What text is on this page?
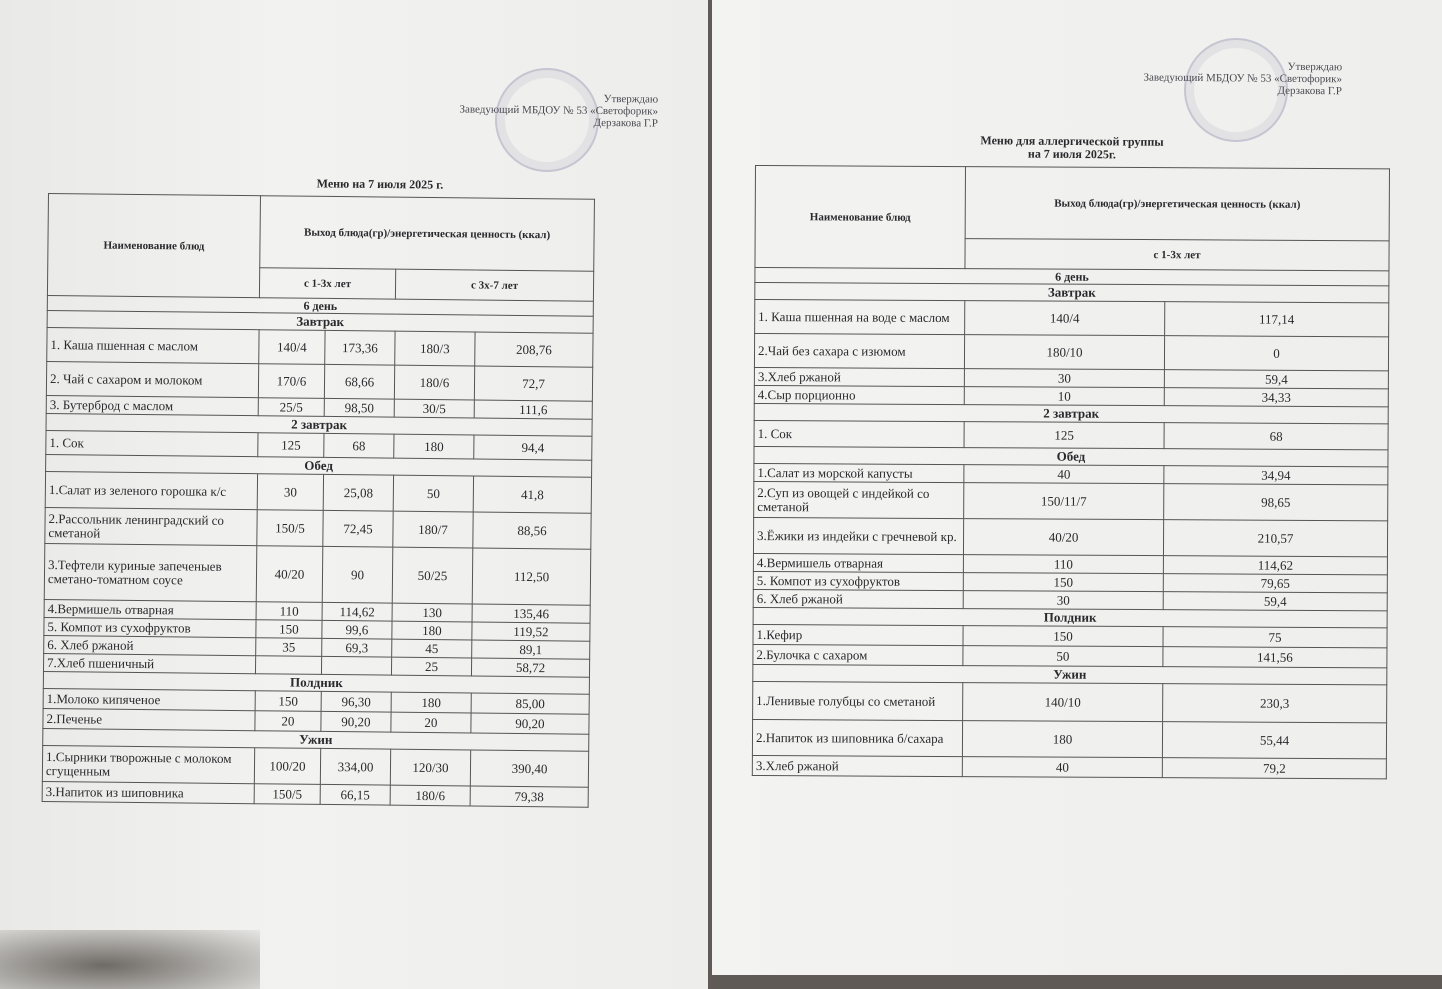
Утверждаю
Заведующий МБДОУ № 53 «Светофорик»
Дерзакова Г.Р
Меню на 7 июля 2025 г.
Наименование блюд	Выход блюда(гр)/энергетическая ценность (ккал)			
	с 1-3х лет		с 3х-7 лет	
6 день				
Завтрак				
1. Каша пшенная с маслом	140/4	173,36	180/3	208,76
2. Чай с сахаром и молоком	170/6	68,66	180/6	72,7
3. Бутерброд с маслом	25/5	98,50	30/5	111,6
2 завтрак				
1. Сок	125	68	180	94,4
Обед				
1.Салат из зеленого горошка к/с	30	25,08	50	41,8
2.Рассольник ленинградский со сметаной	150/5	72,45	180/7	88,56
3.Тефтели куриные запеченыев сметано-томатном соусе	40/20	90	50/25	112,50
4.Вермишель отварная	110	114,62	130	135,46
5. Компот из сухофруктов	150	99,6	180	119,52
6. Хлеб ржаной	35	69,3	45	89,1
7.Хлеб пшеничный			25	58,72
Полдник				
1.Молоко кипяченое	150	96,30	180	85,00
2.Печенье	20	90,20	20	90,20
Ужин				
1.Сырники творожные с молоком сгущенным	100/20	334,00	120/30	390,40
3.Напиток из шиповника	150/5	66,15	180/6	79,38
Утверждаю
Заведующий МБДОУ № 53 «Светофорик»
Дерзакова Г.Р
Меню для аллергической группы
на 7 июля 2025г.
Наименование блюд	Выход блюда(гр)/энергетическая ценность (ккал)	
	с 1-3х лет	
6 день		
Завтрак		
1. Каша пшенная на воде с маслом	140/4	117,14
2.Чай без сахара с изюмом	180/10	0
3.Хлеб ржаной	30	59,4
4.Сыр порционно	10	34,33
2 завтрак		
1. Сок	125	68
Обед		
1.Салат из морской капусты	40	34,94
2.Суп из овощей с индейкой со сметаной	150/11/7	98,65
3.Ёжики из индейки с гречневой кр.	40/20	210,57
4.Вермишель отварная	110	114,62
5. Компот из сухофруктов	150	79,65
6. Хлеб ржаной	30	59,4
Полдник		
1.Кефир	150	75
2.Булочка с сахаром	50	141,56
Ужин		
1.Ленивые голубцы со сметаной	140/10	230,3
2.Напиток из шиповника б/сахара	180	55,44
3.Хлеб ржаной	40	79,2
